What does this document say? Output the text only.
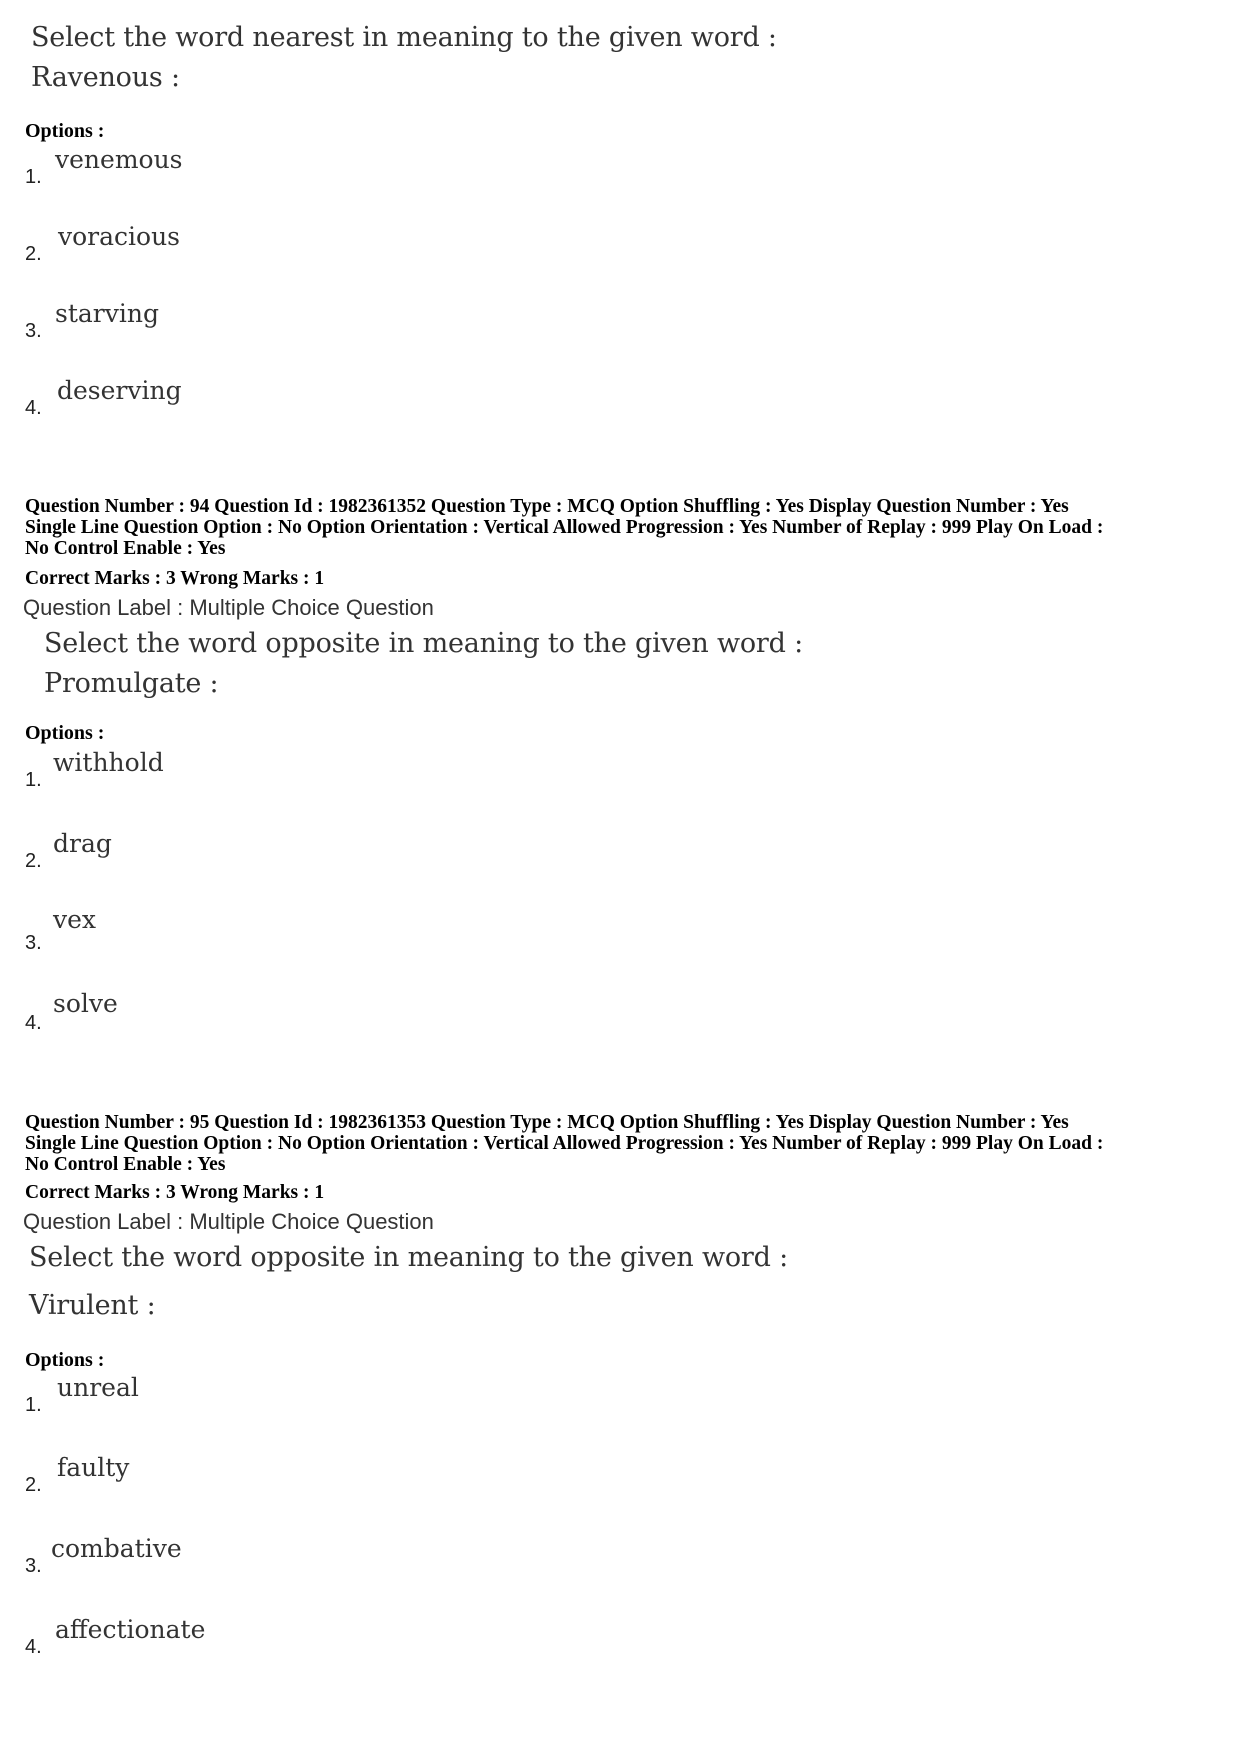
Select the word nearest in meaning to the given word :
Ravenous :
Options :
1.
venemous
2.
voracious
3.
starving
4.
deserving
Question Number : 94 Question Id : 1982361352 Question Type : MCQ Option Shuffling : Yes Display Question Number : Yes
Single Line Question Option : No Option Orientation : Vertical Allowed Progression : Yes Number of Replay : 999 Play On Load :
No Control Enable : Yes
Correct Marks : 3 Wrong Marks : 1
Question Label : Multiple Choice Question
Select the word opposite in meaning to the given word :
Promulgate :
Options :
1.
withhold
2.
drag
3.
vex
4.
solve
Question Number : 95 Question Id : 1982361353 Question Type : MCQ Option Shuffling : Yes Display Question Number : Yes
Single Line Question Option : No Option Orientation : Vertical Allowed Progression : Yes Number of Replay : 999 Play On Load :
No Control Enable : Yes
Correct Marks : 3 Wrong Marks : 1
Question Label : Multiple Choice Question
Select the word opposite in meaning to the given word :
Virulent :
Options :
1.
unreal
2.
faulty
3.
combative
4.
affectionate
